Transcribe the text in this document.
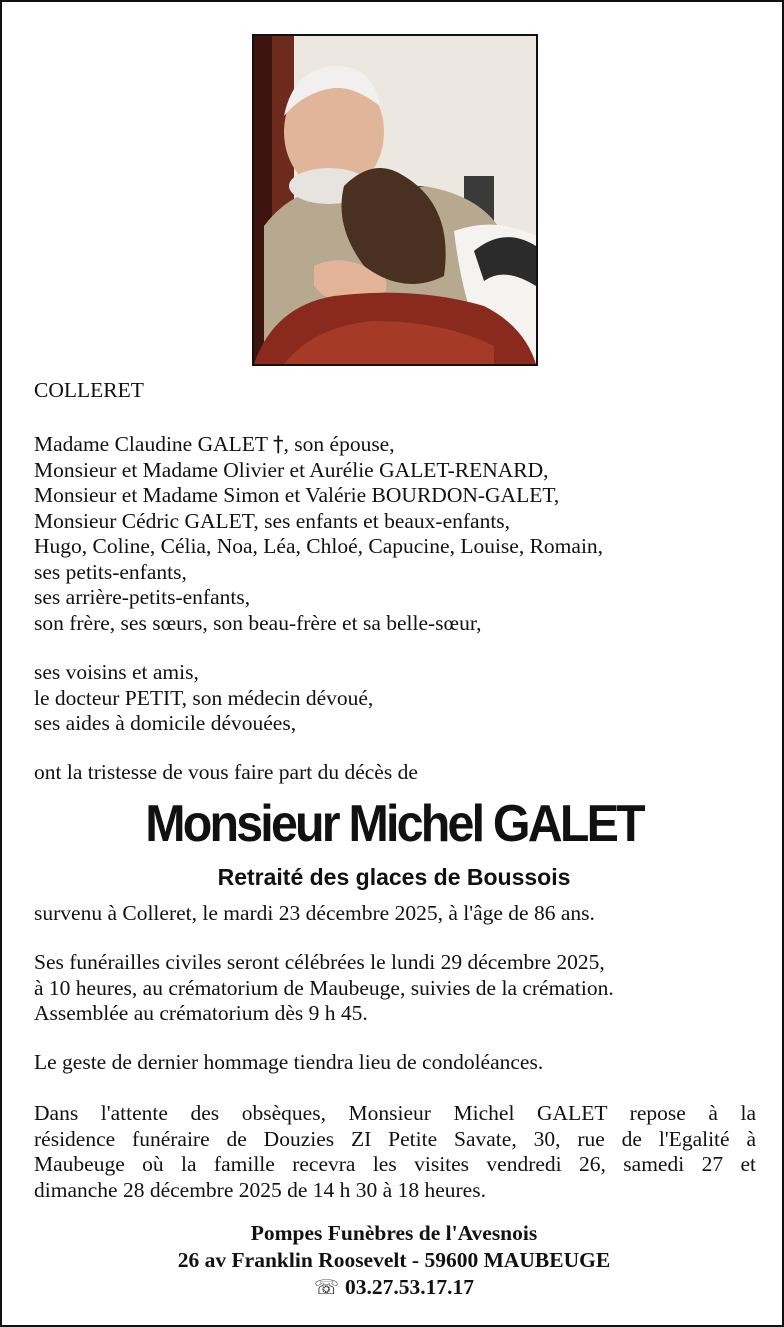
COLLERET
Madame Claudine GALET †, son épouse,
Monsieur et Madame Olivier et Aurélie GALET-RENARD,
Monsieur et Madame Simon et Valérie BOURDON-GALET,
Monsieur Cédric GALET, ses enfants et beaux-enfants,
Hugo, Coline, Célia, Noa, Léa, Chloé, Capucine, Louise, Romain,
ses petits-enfants,
ses arrière-petits-enfants,
son frère, ses sœurs, son beau-frère et sa belle-sœur,
ses voisins et amis,
le docteur PETIT, son médecin dévoué,
ses aides à domicile dévouées,
ont la tristesse de vous faire part du décès de
Monsieur Michel GALET
Retraité des glaces de Boussois
survenu à Colleret, le mardi 23 décembre 2025, à l'âge de 86 ans.
Ses funérailles civiles seront célébrées le lundi 29 décembre 2025,
à 10 heures, au crématorium de Maubeuge, suivies de la crémation.
Assemblée au crématorium dès 9 h 45.
Le geste de dernier hommage tiendra lieu de condoléances.
Dans l'attente des obsèques, Monsieur Michel GALET repose à la
résidence funéraire de Douzies ZI Petite Savate, 30, rue de l'Egalité à
Maubeuge où la famille recevra les visites vendredi 26, samedi 27 et
dimanche 28 décembre 2025 de 14 h 30 à 18 heures.
Pompes Funèbres de l'Avesnois
26 av Franklin Roosevelt - 59600 MAUBEUGE
☏ 03.27.53.17.17
